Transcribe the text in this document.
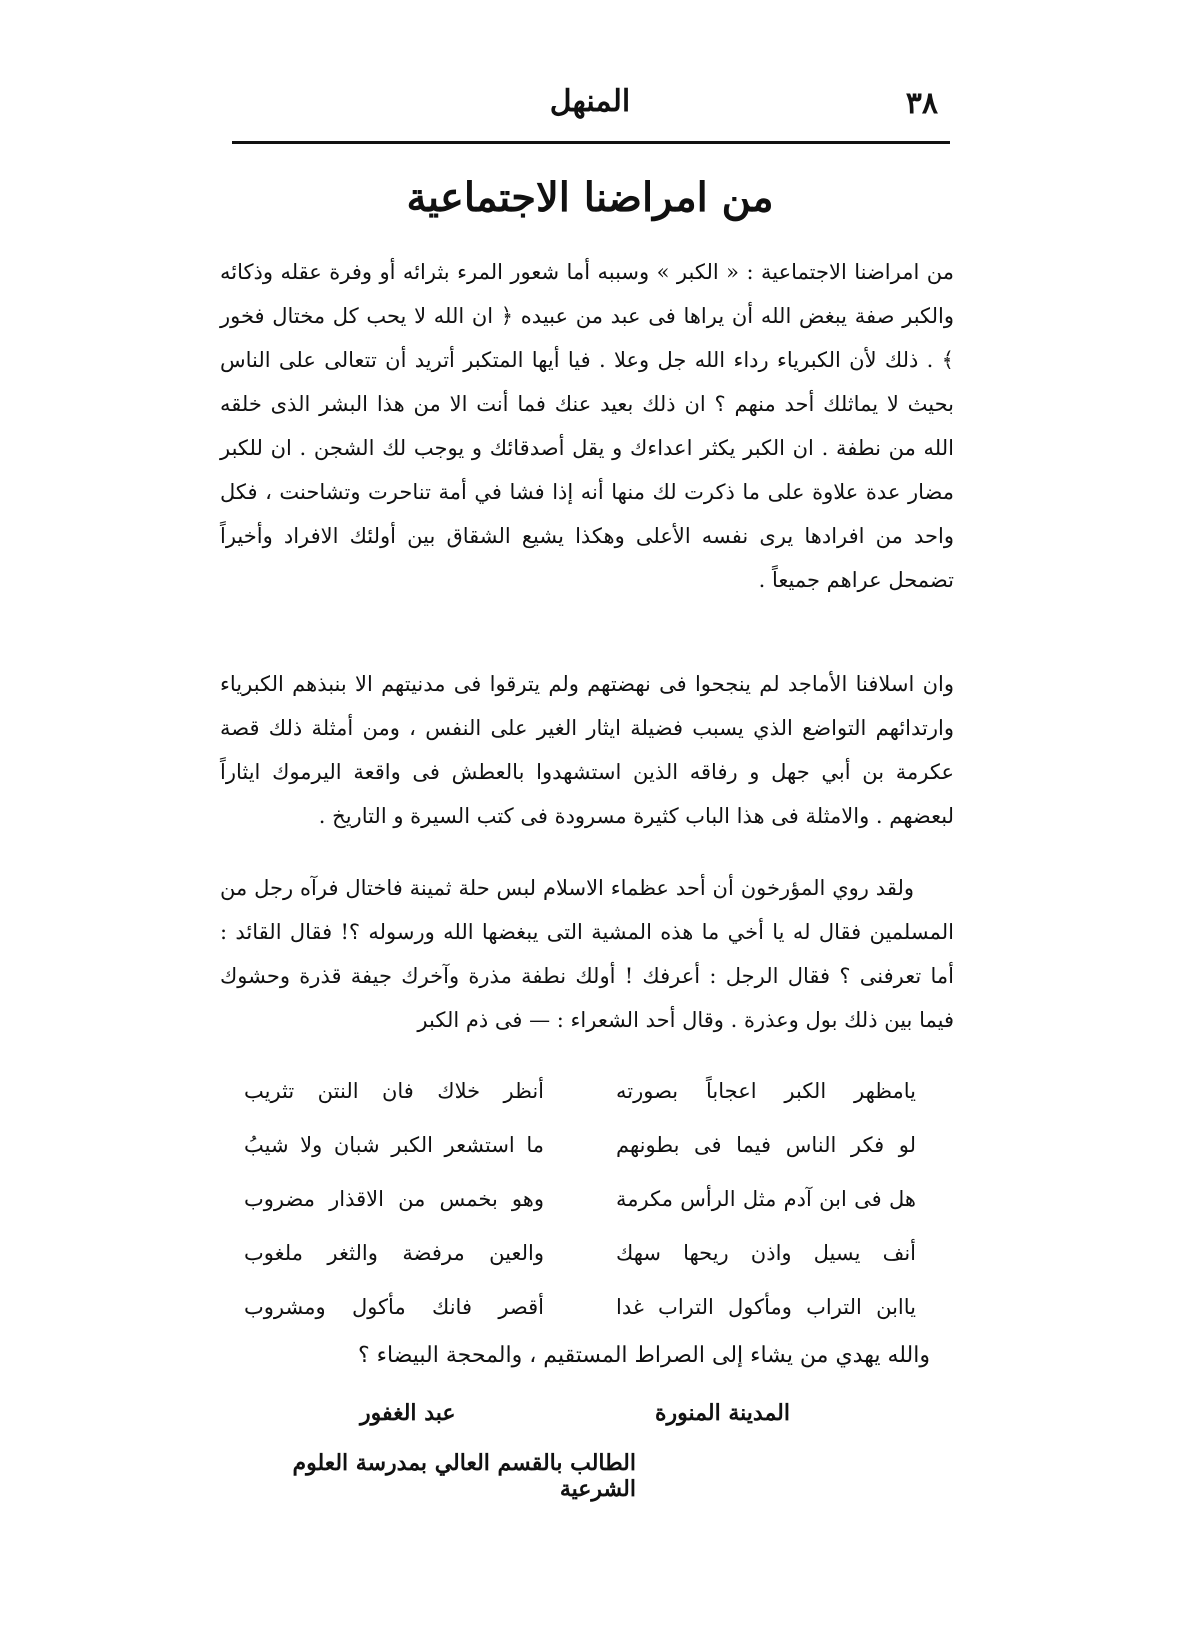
٣٨
المنهل
من امراضنا الاجتماعية

من امراضنا الاجتماعية : « الكبر » وسببه أما شعور المرء بثرائه أو وفرة عقله وذكائه والكبر صفة يبغض الله أن يراها فى عبد من عبيده ﴿ ان الله لا يحب كل مختال فخور ﴾ . ذلك لأن الكبرياء رداء الله جل وعلا . فيا أيها المتكبر أتريد أن تتعالى على الناس بحيث لا يماثلك أحد منهم ؟ ان ذلك بعيد عنك فما أنت الا من هذا البشر الذى خلقه الله من نطفة . ان الكبر يكثر اعداءك و يقل أصدقائك و يوجب لك الشجن . ان للكبر مضار عدة علاوة على ما ذكرت لك منها أنه إذا فشا في أمة تناحرت وتشاحنت ، فكل واحد من افرادها يرى نفسه الأعلى وهكذا يشيع الشقاق بين أولئك الافراد وأخيراً تضمحل عراهم جميعاً .

وان اسلافنا الأماجد لم ينجحوا فى نهضتهم ولم يترقوا فى مدنيتهم الا بنبذهم الكبرياء وارتدائهم التواضع الذي يسبب فضيلة ايثار الغير على النفس ، ومن أمثلة ذلك قصة عكرمة بن أبي جهل و رفاقه الذين استشهدوا بالعطش فى واقعة اليرموك ايثاراً لبعضهم . والامثلة فى هذا الباب كثيرة مسرودة فى كتب السيرة و التاريخ .

ولقد روي المؤرخون أن أحد عظماء الاسلام لبس حلة ثمينة فاختال فرآه رجل من المسلمين فقال له يا أخي ما هذه المشية التى يبغضها الله ورسوله ؟! فقال القائد : أما تعرفنى ؟ فقال الرجل : أعرفك ! أولك نطفة مذرة وآخرك جيفة قذرة وحشوك فيما بين ذلك بول وعذرة . وقال أحد الشعراء : — فى ذم الكبر

يامظهر الكبر اعجاباً بصورته
أنظر خلاك فان النتن تثريب
لو فكر الناس فيما فى بطونهم
ما استشعر الكبر شبان ولا شيبُ
هل فى ابن آدم مثل الرأس مكرمة
وهو بخمس من الاقذار مضروب
أنف يسيل واذن ريحها سهك
والعين مرفضة والثغر ملغوب
ياابن التراب ومأكول التراب غدا
أقصر فانك مأكول ومشروب
والله يهدي من يشاء إلى الصراط المستقيم ، والمحجة البيضاء ؟
المدينة المنورة
عبد الغفور
الطالب بالقسم العالي بمدرسة العلوم الشرعية
